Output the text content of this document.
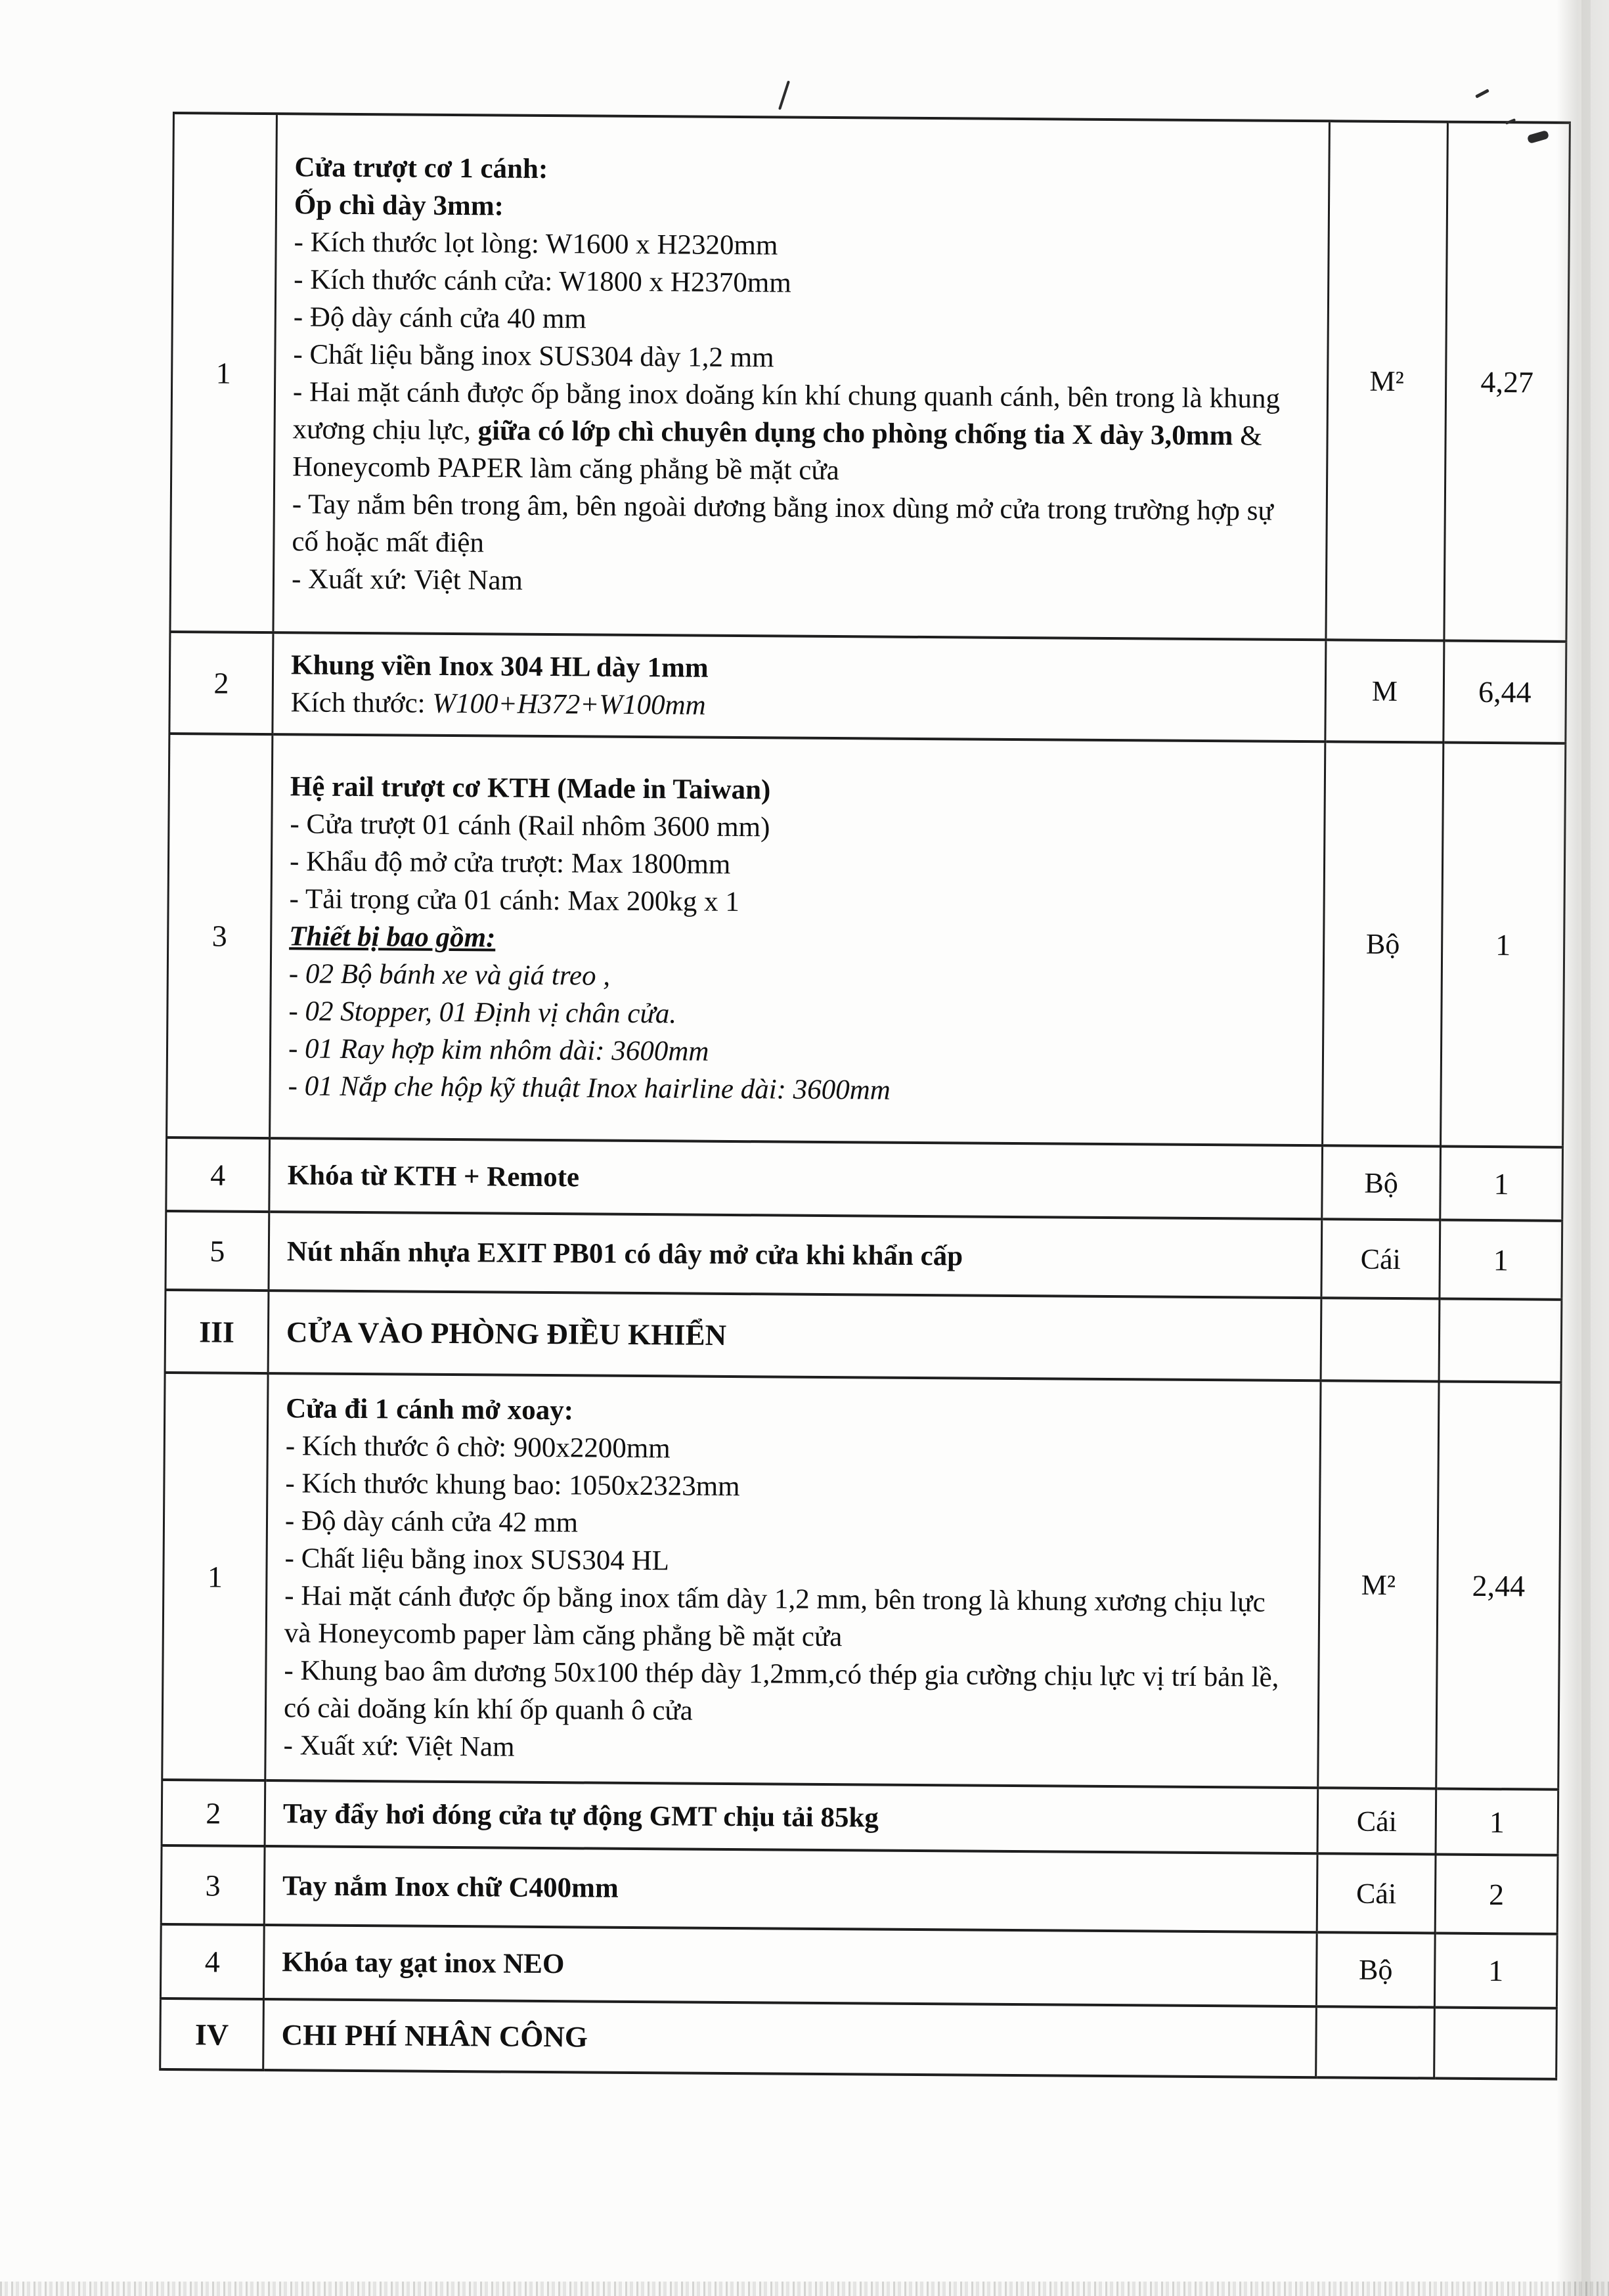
1	
Cửa trượt cơ 1 cánh:
Ốp chì dày 3mm:
- Kích thước lọt lòng: W1600 x H2320mm
- Kích thước cánh cửa: W1800 x H2370mm
- Độ dày cánh cửa 40 mm
- Chất liệu bằng inox SUS304 dày 1,2 mm
- Hai mặt cánh được ốp bằng inox doăng kín khí chung quanh cánh, bên trong là khung xương chịu lực, giữa có lớp chì chuyên dụng cho phòng chống tia X dày 3,0mm & Honeycomb PAPER làm căng phẳng bề mặt cửa
- Tay nắm bên trong âm, bên ngoài dương bằng inox dùng mở cửa trong trường hợp sự cố hoặc mất điện
- Xuất xứ: Việt Nam
	M²	4,27
2	Khung viền Inox 304 HL dày 1mm
Kích thước: W100+H372+W100mm	M	6,44
3	
Hệ rail trượt cơ KTH (Made in Taiwan)
- Cửa trượt 01 cánh (Rail nhôm 3600 mm)
- Khẩu độ mở cửa trượt: Max 1800mm
- Tải trọng cửa 01 cánh: Max 200kg x 1
Thiết bị bao gồm:
- 02 Bộ bánh xe và giá treo ,
- 02 Stopper, 01 Định vị chân cửa.
- 01 Ray hợp kim nhôm dài: 3600mm
- 01 Nắp che hộp kỹ thuật Inox hairline dài: 3600mm
	Bộ	1
4	Khóa từ KTH + Remote	Bộ	1
5	Nút nhấn nhựa EXIT PB01 có dây mở cửa khi khẩn cấp	Cái	1
III	CỬA VÀO PHÒNG ĐIỀU KHIỂN		

1	
Cửa đi 1 cánh mở xoay:
- Kích thước ô chờ: 900x2200mm
- Kích thước khung bao: 1050x2323mm
- Độ dày cánh cửa 42 mm
- Chất liệu bằng inox SUS304 HL
- Hai mặt cánh được ốp bằng inox tấm dày 1,2 mm, bên trong là khung xương chịu lực và Honeycomb paper làm căng phẳng bề mặt cửa
- Khung bao âm dương 50x100 thép dày 1,2mm,có thép gia cường chịu lực vị trí bản lề, có cài doăng kín khí ốp quanh ô cửa
- Xuất xứ: Việt Nam
	M²	2,44
2	Tay đẩy hơi đóng cửa tự động GMT chịu tải 85kg	Cái	1
3	Tay nắm Inox chữ C400mm	Cái	2
4	Khóa tay gạt inox NEO	Bộ	1
IV	CHI PHÍ NHÂN CÔNG		
